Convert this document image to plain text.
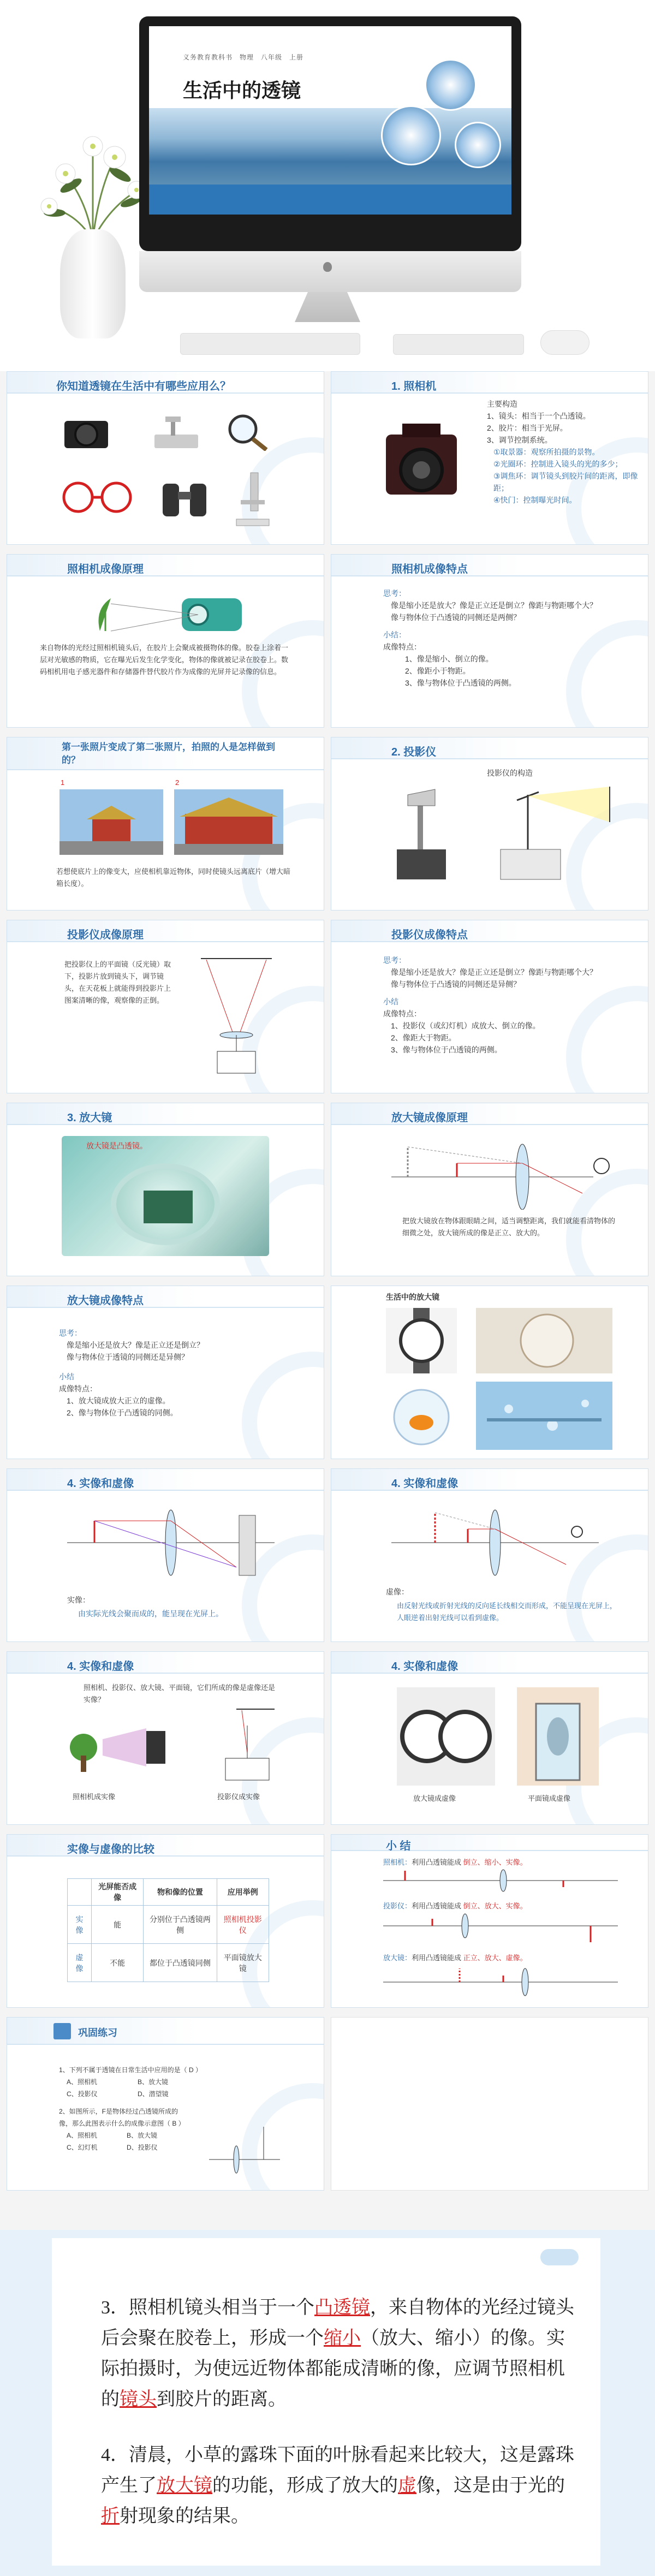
义务教育教科书　物理　八年级　上册
生活中的透镜
你知道透镜在生活中有哪些应用么？	1. 照相机
主要构造
1、镜头：相当于一个凸透镜。
2、胶片：相当于光屏。
3、调节控制系统。
①取景器：观察所拍摄的景物。
②光圈环：控制进入镜头的光的多少；
③调焦环：调节镜头到胶片间的距离，即像距；
④快门：控制曝光时间。
照相机成像原理
来自物体的光经过照相机镜头后，在胶片上会聚成被摄物体的像。胶卷上涂着一层对光敏感的物质，它在曝光后发生化学变化，物体的像就被记录在胶卷上。数码相机用电子感光器件和存储器件替代胶片作为成像的光屏并记录像的信息。
照相机成像特点
思考：
像是缩小还是放大？像是正立还是倒立？像距与物距哪个大？
像与物体位于凸透镜的同侧还是两侧？
小结：
成像特点：
1、像是缩小、倒立的像。
2、像距小于物距。
3、像与物体位于凸透镜的两侧。
第一张照片变成了第二张照片，拍照的人是怎样做到的？
1	2
若想使底片上的像变大，应使相机靠近物体，同时使镜头远离底片（增大暗箱长度）。
2. 投影仪
投影仪的构造
投影仪成像原理
把投影仪上的平面镜（反光镜）取下，投影片放到镜头下，调节镜头，在天花板上就能得到投影片上图案清晰的像，观察像的正倒。
投影仪成像特点
思考：
像是缩小还是放大？像是正立还是倒立？像距与物距哪个大？
像与物体位于凸透镜的同侧还是异侧？
小结
成像特点：
1、投影仪（或幻灯机）成放大、倒立的像。
2、像距大于物距。
3、像与物体位于凸透镜的两侧。
3. 放大镜
放大镜是凸透镜。
放大镜成像原理
把放大镜放在物体跟眼睛之间，适当调整距离，我们就能看清物体的细微之处，放大镜所成的像是正立、放大的。
放大镜成像特点
思考：
像是缩小还是放大？像是正立还是倒立？
像与物体位于透镜的同侧还是异侧？
小结
成像特点：
1、放大镜成放大正立的虚像。
2、像与物体位于凸透镜的同侧。
生活中的放大镜
4. 实像和虚像
实像：
由实际光线会聚而成的，能呈现在光屏上。
4. 实像和虚像
虚像：
由反射光线或折射光线的反向延长线相交而形成，不能呈现在光屏上，人眼逆着出射光线可以看到虚像。
4. 实像和虚像
照相机、投影仪、放大镜、平面镜，它们所成的像是虚像还是实像？
照相机成实像	投影仪成实像
4. 实像和虚像
放大镜成虚像	平面镜成虚像
实像与虚像的比较
	光屏能否成像	物和像的位置	应用举例
实像	能	分别位于凸透镜两侧	照相机投影仪
虚像	不能	都位于凸透镜同侧	平面镜放大镜
小 结
照相机：利用凸透镜能成 倒立、缩小、实像。
投影仪：利用凸透镜能成 倒立、放大、实像。
放大镜：利用凸透镜能成 正立、放大、虚像。
巩固练习
1、下列不属于透镜在日常生活中应用的是（ D ）
A、照相机	B、放大镜
C、投影仪	D、潜望镜
2、如图所示，F是物体经过凸透镜所成的像，那么此图表示什么的成像示意图（ B ）
A、照相机	B、放大镜
C、幻灯机	D、投影仪

3．照相机镜头相当于一个凸透镜，来自物体的光经过镜头后会聚在胶卷上，形成一个缩小（放大、缩小）的像。实际拍摄时，为使远近物体都能成清晰的像，应调节照相机的镜头到胶片的距离。

4．清晨，小草的露珠下面的叶脉看起来比较大，这是露珠产生了放大镜的功能，形成了放大的虚像，这是由于光的折射现象的结果。
